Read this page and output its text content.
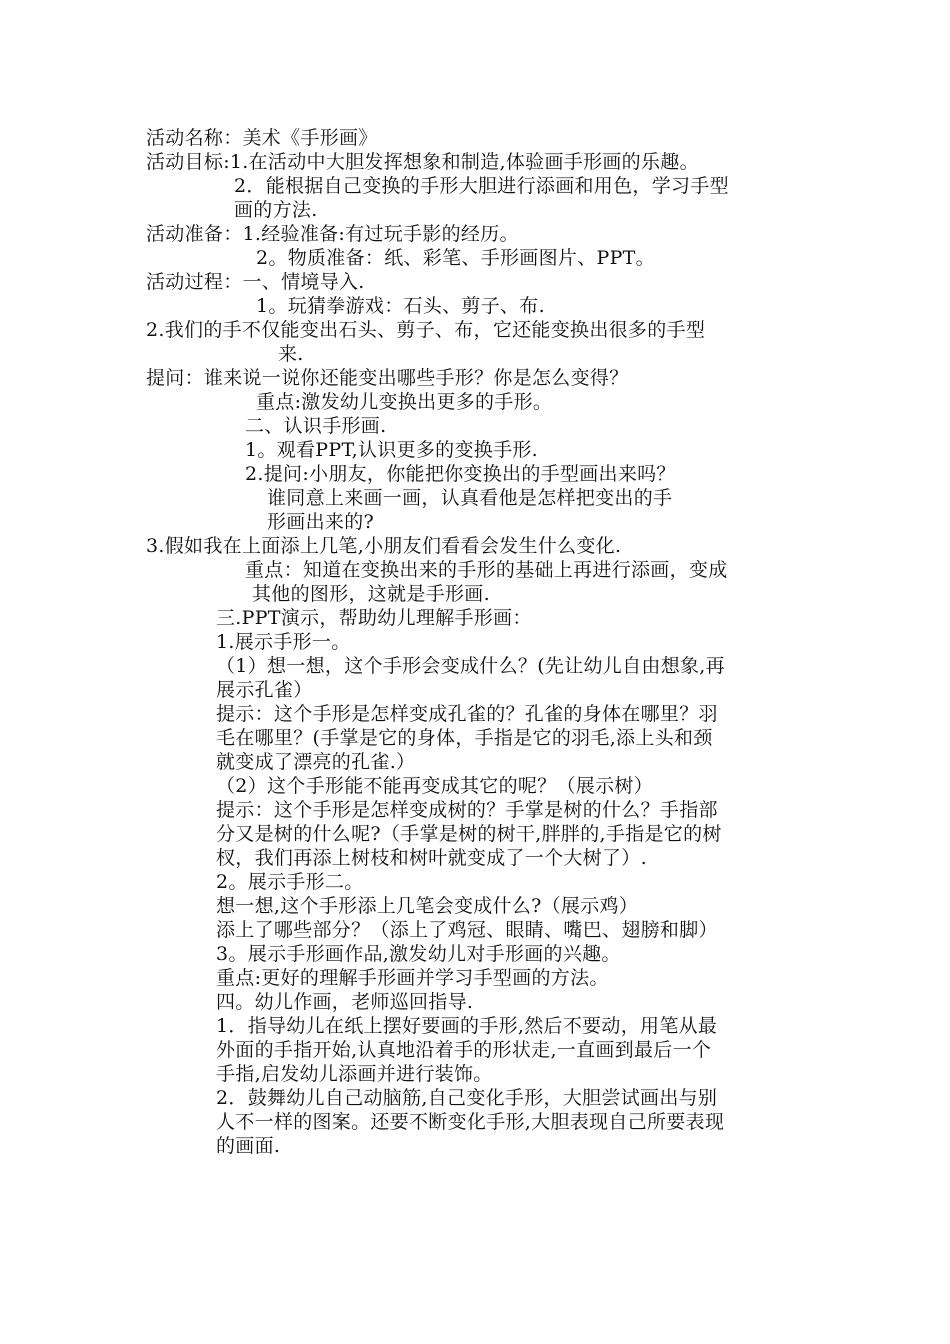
活动名称：美术《手形画》
活动目标:1.在活动中大胆发挥想象和制造,体验画手形画的乐趣。
2．能根据自己变换的手形大胆进行添画和用色，学习手型
画的方法.
活动准备：1.经验准备:有过玩手影的经历。
2。物质准备：纸、彩笔、手形画图片、PPT。
活动过程：一、情境导入.
1。玩猜拳游戏：石头、剪子、布.
2.我们的手不仅能变出石头、剪子、布，它还能变换出很多的手型
来.
提问：谁来说一说你还能变出哪些手形？你是怎么变得？
重点:激发幼儿变换出更多的手形。
二、认识手形画.
1。观看PPT,认识更多的变换手形.
2.提问:小朋友，你能把你变换出的手型画出来吗？
谁同意上来画一画，认真看他是怎样把变出的手
形画出来的?
3.假如我在上面添上几笔,小朋友们看看会发生什么变化.
重点：知道在变换出来的手形的基础上再进行添画，变成
其他的图形，这就是手形画.
三.PPT演示，帮助幼儿理解手形画：
1.展示手形一。
（1）想一想，这个手形会变成什么？(先让幼儿自由想象,再
展示孔雀）
提示：这个手形是怎样变成孔雀的？孔雀的身体在哪里？羽
毛在哪里？(手掌是它的身体，手指是它的羽毛,添上头和颈
就变成了漂亮的孔雀.）
（2）这个手形能不能再变成其它的呢？（展示树）
提示：这个手形是怎样变成树的？手掌是树的什么？手指部
分又是树的什么呢?（手掌是树的树干,胖胖的,手指是它的树
杈，我们再添上树枝和树叶就变成了一个大树了）.
2。展示手形二。
想一想,这个手形添上几笔会变成什么?（展示鸡）
添上了哪些部分？（添上了鸡冠、眼睛、嘴巴、翅膀和脚）
3。展示手形画作品,激发幼儿对手形画的兴趣。
重点:更好的理解手形画并学习手型画的方法。
四。幼儿作画，老师巡回指导.
1．指导幼儿在纸上摆好要画的手形,然后不要动，用笔从最
外面的手指开始,认真地沿着手的形状走,一直画到最后一个
手指,启发幼儿添画并进行装饰。
2．鼓舞幼儿自己动脑筋,自己变化手形，大胆尝试画出与别
人不一样的图案。还要不断变化手形,大胆表现自己所要表现
的画面.
